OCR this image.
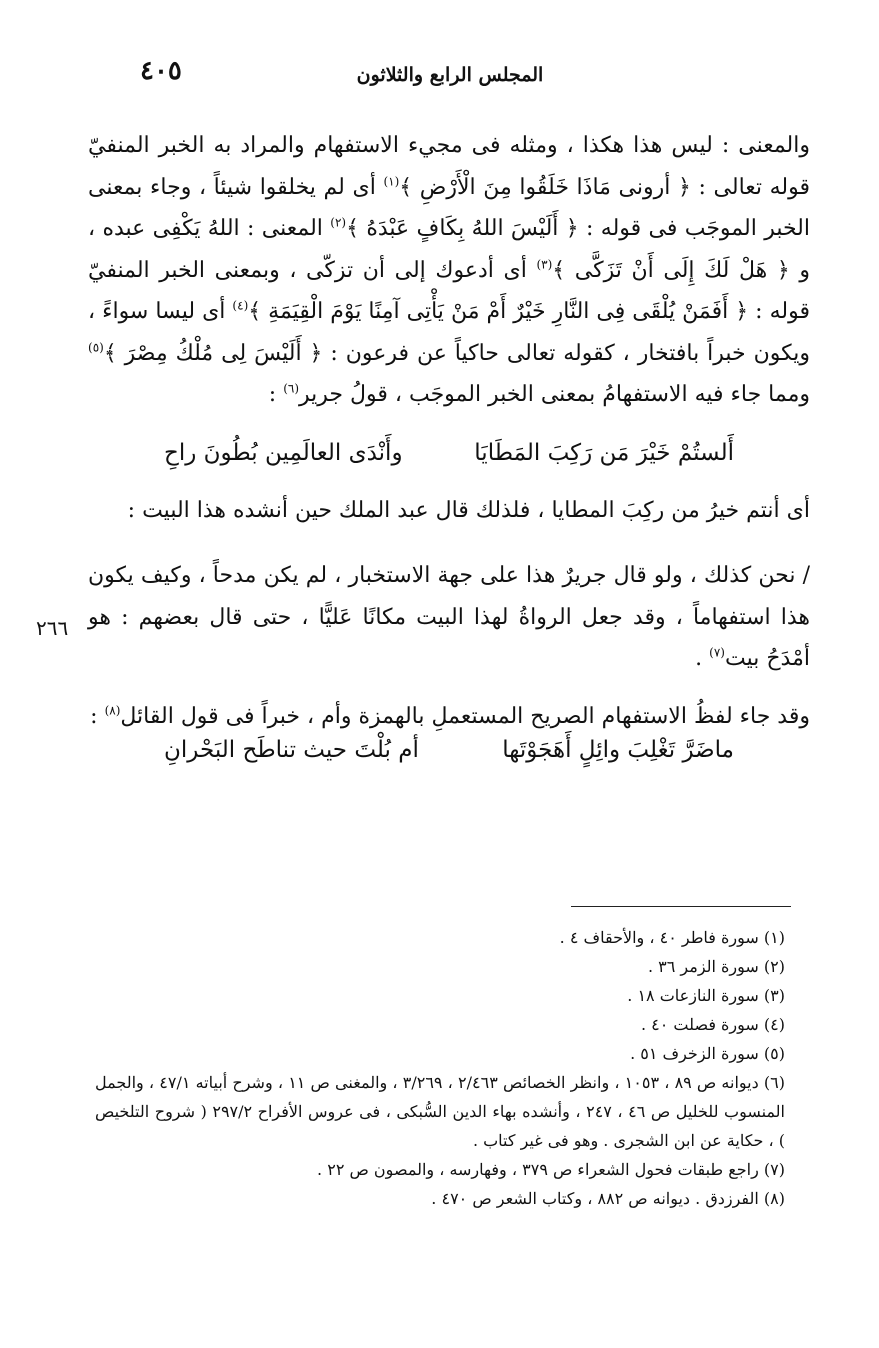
٤٠٥	المجلس الرابع والثلاثون

والمعنى : ليس هذا هكذا ، ومثله فى مجيء الاستفهام والمراد به الخبر المنفيّ قوله تعالى : ﴿ أرونى مَاذَا خَلَقُوا مِنَ الْأَرْضِ ﴾$^{(١)}$ أى لم يخلقوا شيئاً ، وجاء بمعنى الخبر الموجَب فى قوله : ﴿ أَلَيْسَ اللهُ بِكَافٍ عَبْدَهُ ﴾$^{(٢)}$ المعنى : اللهُ يَكْفِى عبده ، و ﴿ هَلْ لَكَ إِلَى أَنْ تَزَكَّى ﴾$^{(٣)}$ أى أدعوك إلى أن تزكّى ، وبمعنى الخبر المنفيّ قوله : ﴿ أَفَمَنْ يُلْقَى فِى النَّارِ خَيْرٌ أَمْ مَنْ يَأْتِى آمِنًا يَوْمَ الْقِيَمَةِ ﴾$^{(٤)}$ أى ليسا سواءً ، ويكون خبراً بافتخار ، كقوله تعالى حاكياً عن فرعون : ﴿ أَلَيْسَ لِى مُلْكُ مِصْرَ ﴾$^{(٥)}$ ومما جاء فيه الاستفهامُ بمعنى الخبر الموجَب ، قولُ جرير$^{(٦)}$ :

أَلستُمْ خَيْرَ مَن رَكِبَ المَطَايَا
وأَنْدَى العالَمِين بُطُونَ راحِ

أى أنتم خيرُ من ركِبَ المطايا ، فلذلك قال عبد الملك حين أنشده هذا البيت :

/ نحن كذلك ، ولو قال جريرٌ هذا على جهة الاستخبار ، لم يكن مدحاً ، وكيف يكون هذا استفهاماً ، وقد جعل الرواةُ لهذا البيت مكانًا عَليًّا ، حتى قال بعضهم : هو أمْدَحُ بيت$^{(٧)}$ .

وقد جاء لفظُ الاستفهام الصريح المستعملِ بالهمزة وأم ، خبراً فى قول القائل$^{(٨)}$ :

ماضَرَّ تَغْلِبَ وائِلٍ أَهَجَوْتَها
أم بُلْتَ حيث تناطَح البَحْرانِ
٢٦٦
(١) سورة فاطر ٤٠ ، والأحقاف ٤ .
(٢) سورة الزمر ٣٦ .
(٣) سورة النازعات ١٨ .
(٤) سورة فصلت ٤٠ .
(٥) سورة الزخرف ٥١ .
(٦) ديوانه ص ٨٩ ، ١٠٥٣ ، وانظر الخصائص ٢/٤٦٣ ، ٣/٢٦٩ ، والمغنى ص ١١ ، وشرح أبياته ٤٧/١ ، والجمل المنسوب للخليل ص ٤٦ ، ٢٤٧ ، وأنشده بهاء الدين السُّبكى ، فى عروس الأفراح ٢٩٧/٢ ( شروح التلخيص ) ، حكاية عن ابن الشجرى . وهو فى غير كتاب .
(٧) راجع طبقات فحول الشعراء ص ٣٧٩ ، وفهارسه ، والمصون ص ٢٢ .
(٨) الفرزدق . ديوانه ص ٨٨٢ ، وكتاب الشعر ص ٤٧٠ .
